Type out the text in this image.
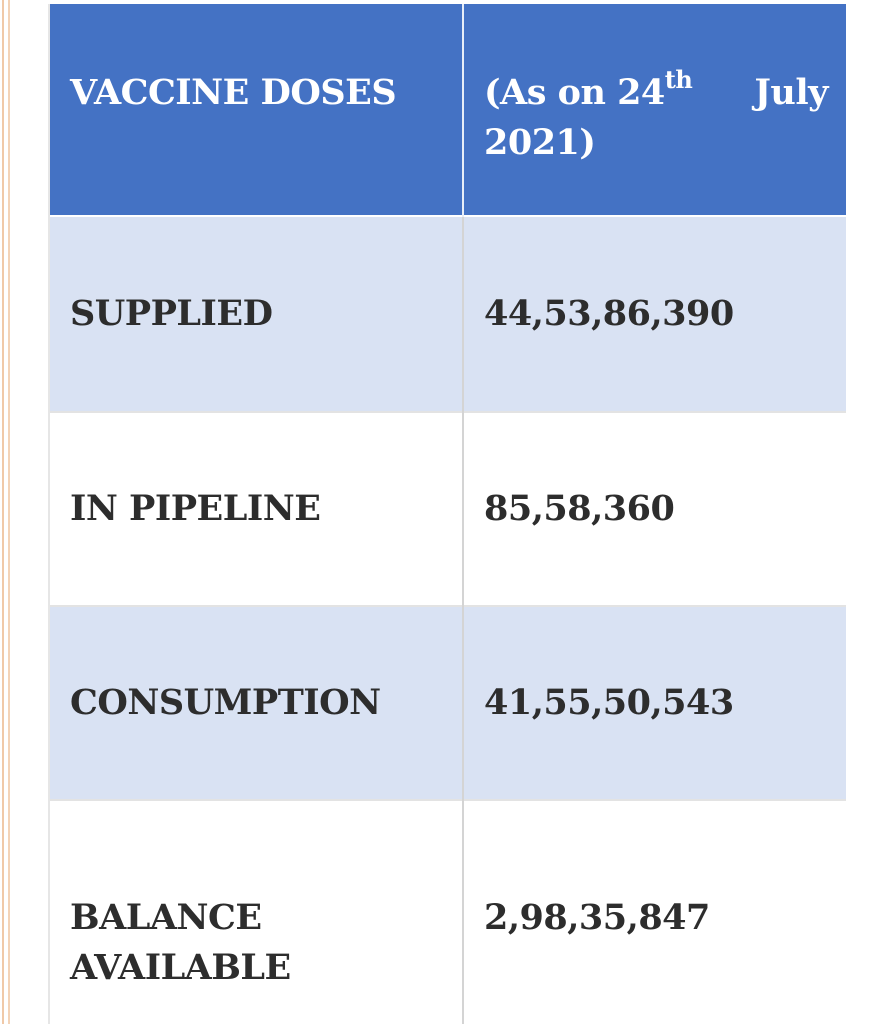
VACCINE DOSES	(As on 24th July
2021)

SUPPLIED	44,53,86,390
IN PIPELINE	85,58,360
CONSUMPTION	41,55,50,543

BALANCE
AVAILABLE	2,98,35,847
